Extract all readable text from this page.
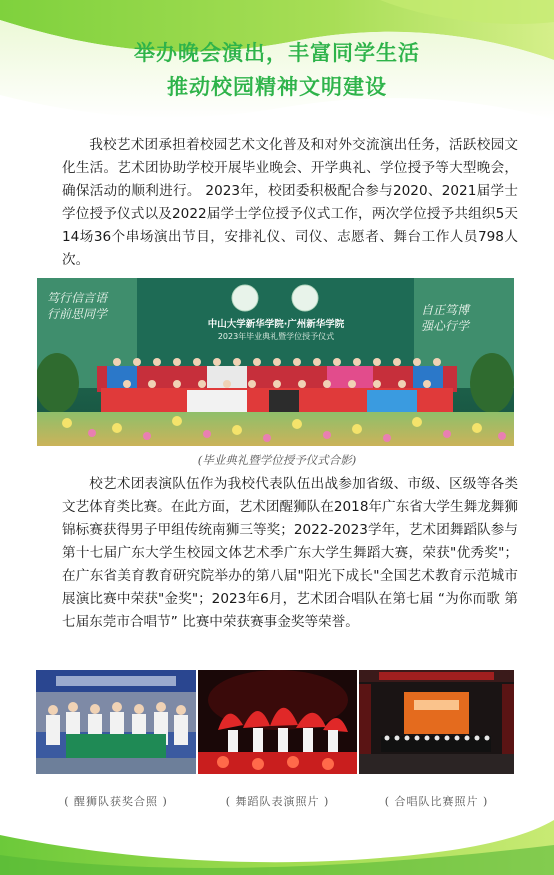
举办晚会演出，丰富同学生活
推动校园精神文明建设

我校艺术团承担着校园艺术文化普及和对外交流演出任务，活跃校园文化生活。艺术团协助学校开展毕业晚会、开学典礼、学位授予等大型晚会，确保活动的顺利进行。 2023年，校团委积极配合参与2020、2021届学士学位授予仪式以及2022届学士学位授予仪式工作，两次学位授予共组织5天14场36个串场演出节目，安排礼仪、司仪、志愿者、舞台工作人员798人次。

笃行信言语
行前思同学
中山大学新华学院·广州新华学院
2023年毕业典礼暨学位授予仪式
自正笃博
强心行学
(毕业典礼暨学位授予仪式合影)

校艺术团表演队伍作为我校代表队伍出战参加省级、市级、区级等各类文艺体育类比赛。在此方面，艺术团醒狮队在2018年广东省大学生舞龙舞狮锦标赛获得男子甲组传统南狮三等奖；2022-2023学年，艺术团舞蹈队参与第十七届广东大学生校园文体艺术季广东大学生舞蹈大赛，荣获"优秀奖"；在广东省美育教育研究院举办的第八届"阳光下成长"全国艺术教育示范城市展演比赛中荣获"金奖"；2023年6月，艺术团合唱队在第七届 “为你而歌 第七届东莞市合唱节” 比赛中荣获赛事金奖等荣誉。

( 醒狮队获奖合照 )	( 舞蹈队表演照片 )	( 合唱队比赛照片 )
